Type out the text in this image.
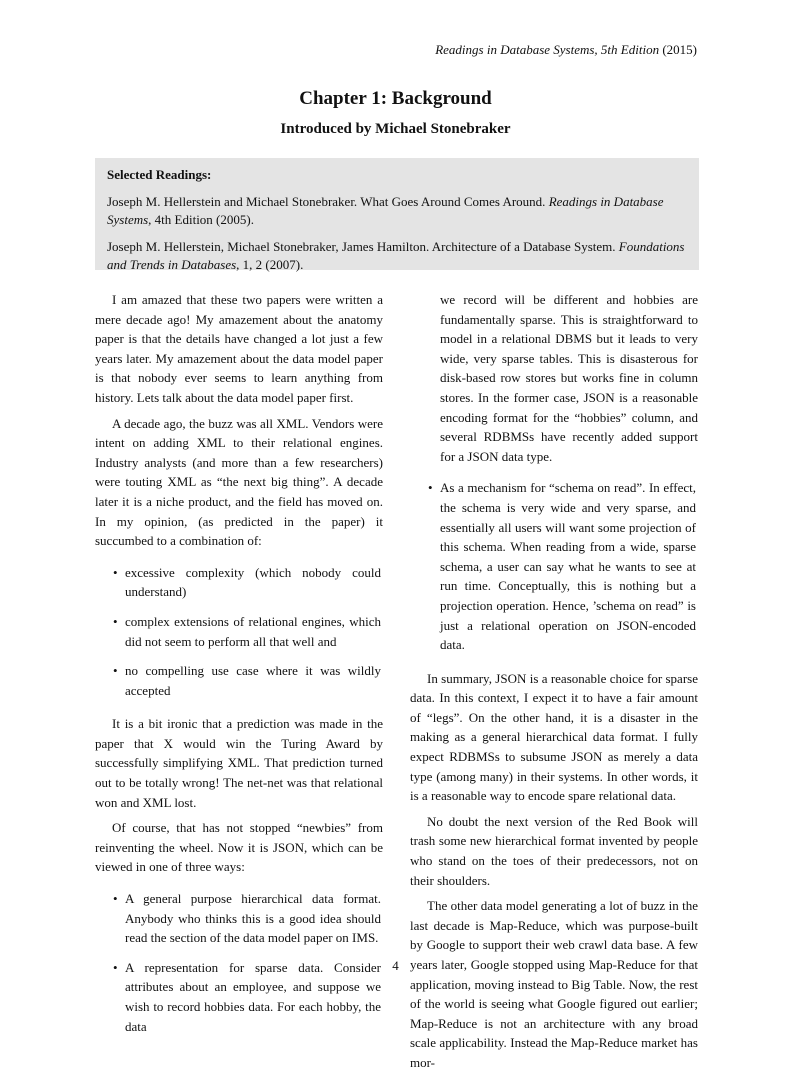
Readings in Database Systems, 5th Edition (2015)
Chapter 1: Background
Introduced by Michael Stonebraker
Selected Readings:

Joseph M. Hellerstein and Michael Stonebraker. What Goes Around Comes Around. Readings in Database Systems, 4th Edition (2005).

Joseph M. Hellerstein, Michael Stonebraker, James Hamilton. Architecture of a Database System. Foundations and Trends in Databases, 1, 2 (2007).

I am amazed that these two papers were written a mere decade ago! My amazement about the anatomy paper is that the details have changed a lot just a few years later. My amazement about the data model paper is that nobody ever seems to learn anything from history. Lets talk about the data model paper first.

A decade ago, the buzz was all XML. Vendors were intent on adding XML to their relational engines. Industry analysts (and more than a few researchers) were touting XML as “the next big thing”. A decade later it is a niche product, and the field has moved on. In my opinion, (as predicted in the paper) it succumbed to a combination of:

• excessive complexity (which nobody could understand)
• complex extensions of relational engines, which did not seem to perform all that well and
• no compelling use case where it was wildly accepted

It is a bit ironic that a prediction was made in the paper that X would win the Turing Award by successfully simplifying XML. That prediction turned out to be totally wrong! The net-net was that relational won and XML lost.

Of course, that has not stopped “newbies” from reinventing the wheel. Now it is JSON, which can be viewed in one of three ways:

• A general purpose hierarchical data format. Anybody who thinks this is a good idea should read the section of the data model paper on IMS.
• A representation for sparse data. Consider attributes about an employee, and suppose we wish to record hobbies data. For each hobby, the data

we record will be different and hobbies are fundamentally sparse. This is straightforward to model in a relational DBMS but it leads to very wide, very sparse tables. This is disasterous for disk-based row stores but works fine in column stores. In the former case, JSON is a reasonable encoding format for the “hobbies” column, and several RDBMSs have recently added support for a JSON data type.

• As a mechanism for “schema on read”. In effect, the schema is very wide and very sparse, and essentially all users will want some projection of this schema. When reading from a wide, sparse schema, a user can say what he wants to see at run time. Conceptually, this is nothing but a projection operation. Hence, ’schema on read” is just a relational operation on JSON-encoded data.

In summary, JSON is a reasonable choice for sparse data. In this context, I expect it to have a fair amount of “legs”. On the other hand, it is a disaster in the making as a general hierarchical data format. I fully expect RDBMSs to subsume JSON as merely a data type (among many) in their systems. In other words, it is a reasonable way to encode spare relational data.

No doubt the next version of the Red Book will trash some new hierarchical format invented by people who stand on the toes of their predecessors, not on their shoulders.

The other data model generating a lot of buzz in the last decade is Map-Reduce, which was purpose-built by Google to support their web crawl data base. A few years later, Google stopped using Map-Reduce for that application, moving instead to Big Table. Now, the rest of the world is seeing what Google figured out earlier; Map-Reduce is not an architecture with any broad scale applicability. Instead the Map-Reduce market has mor-

4
